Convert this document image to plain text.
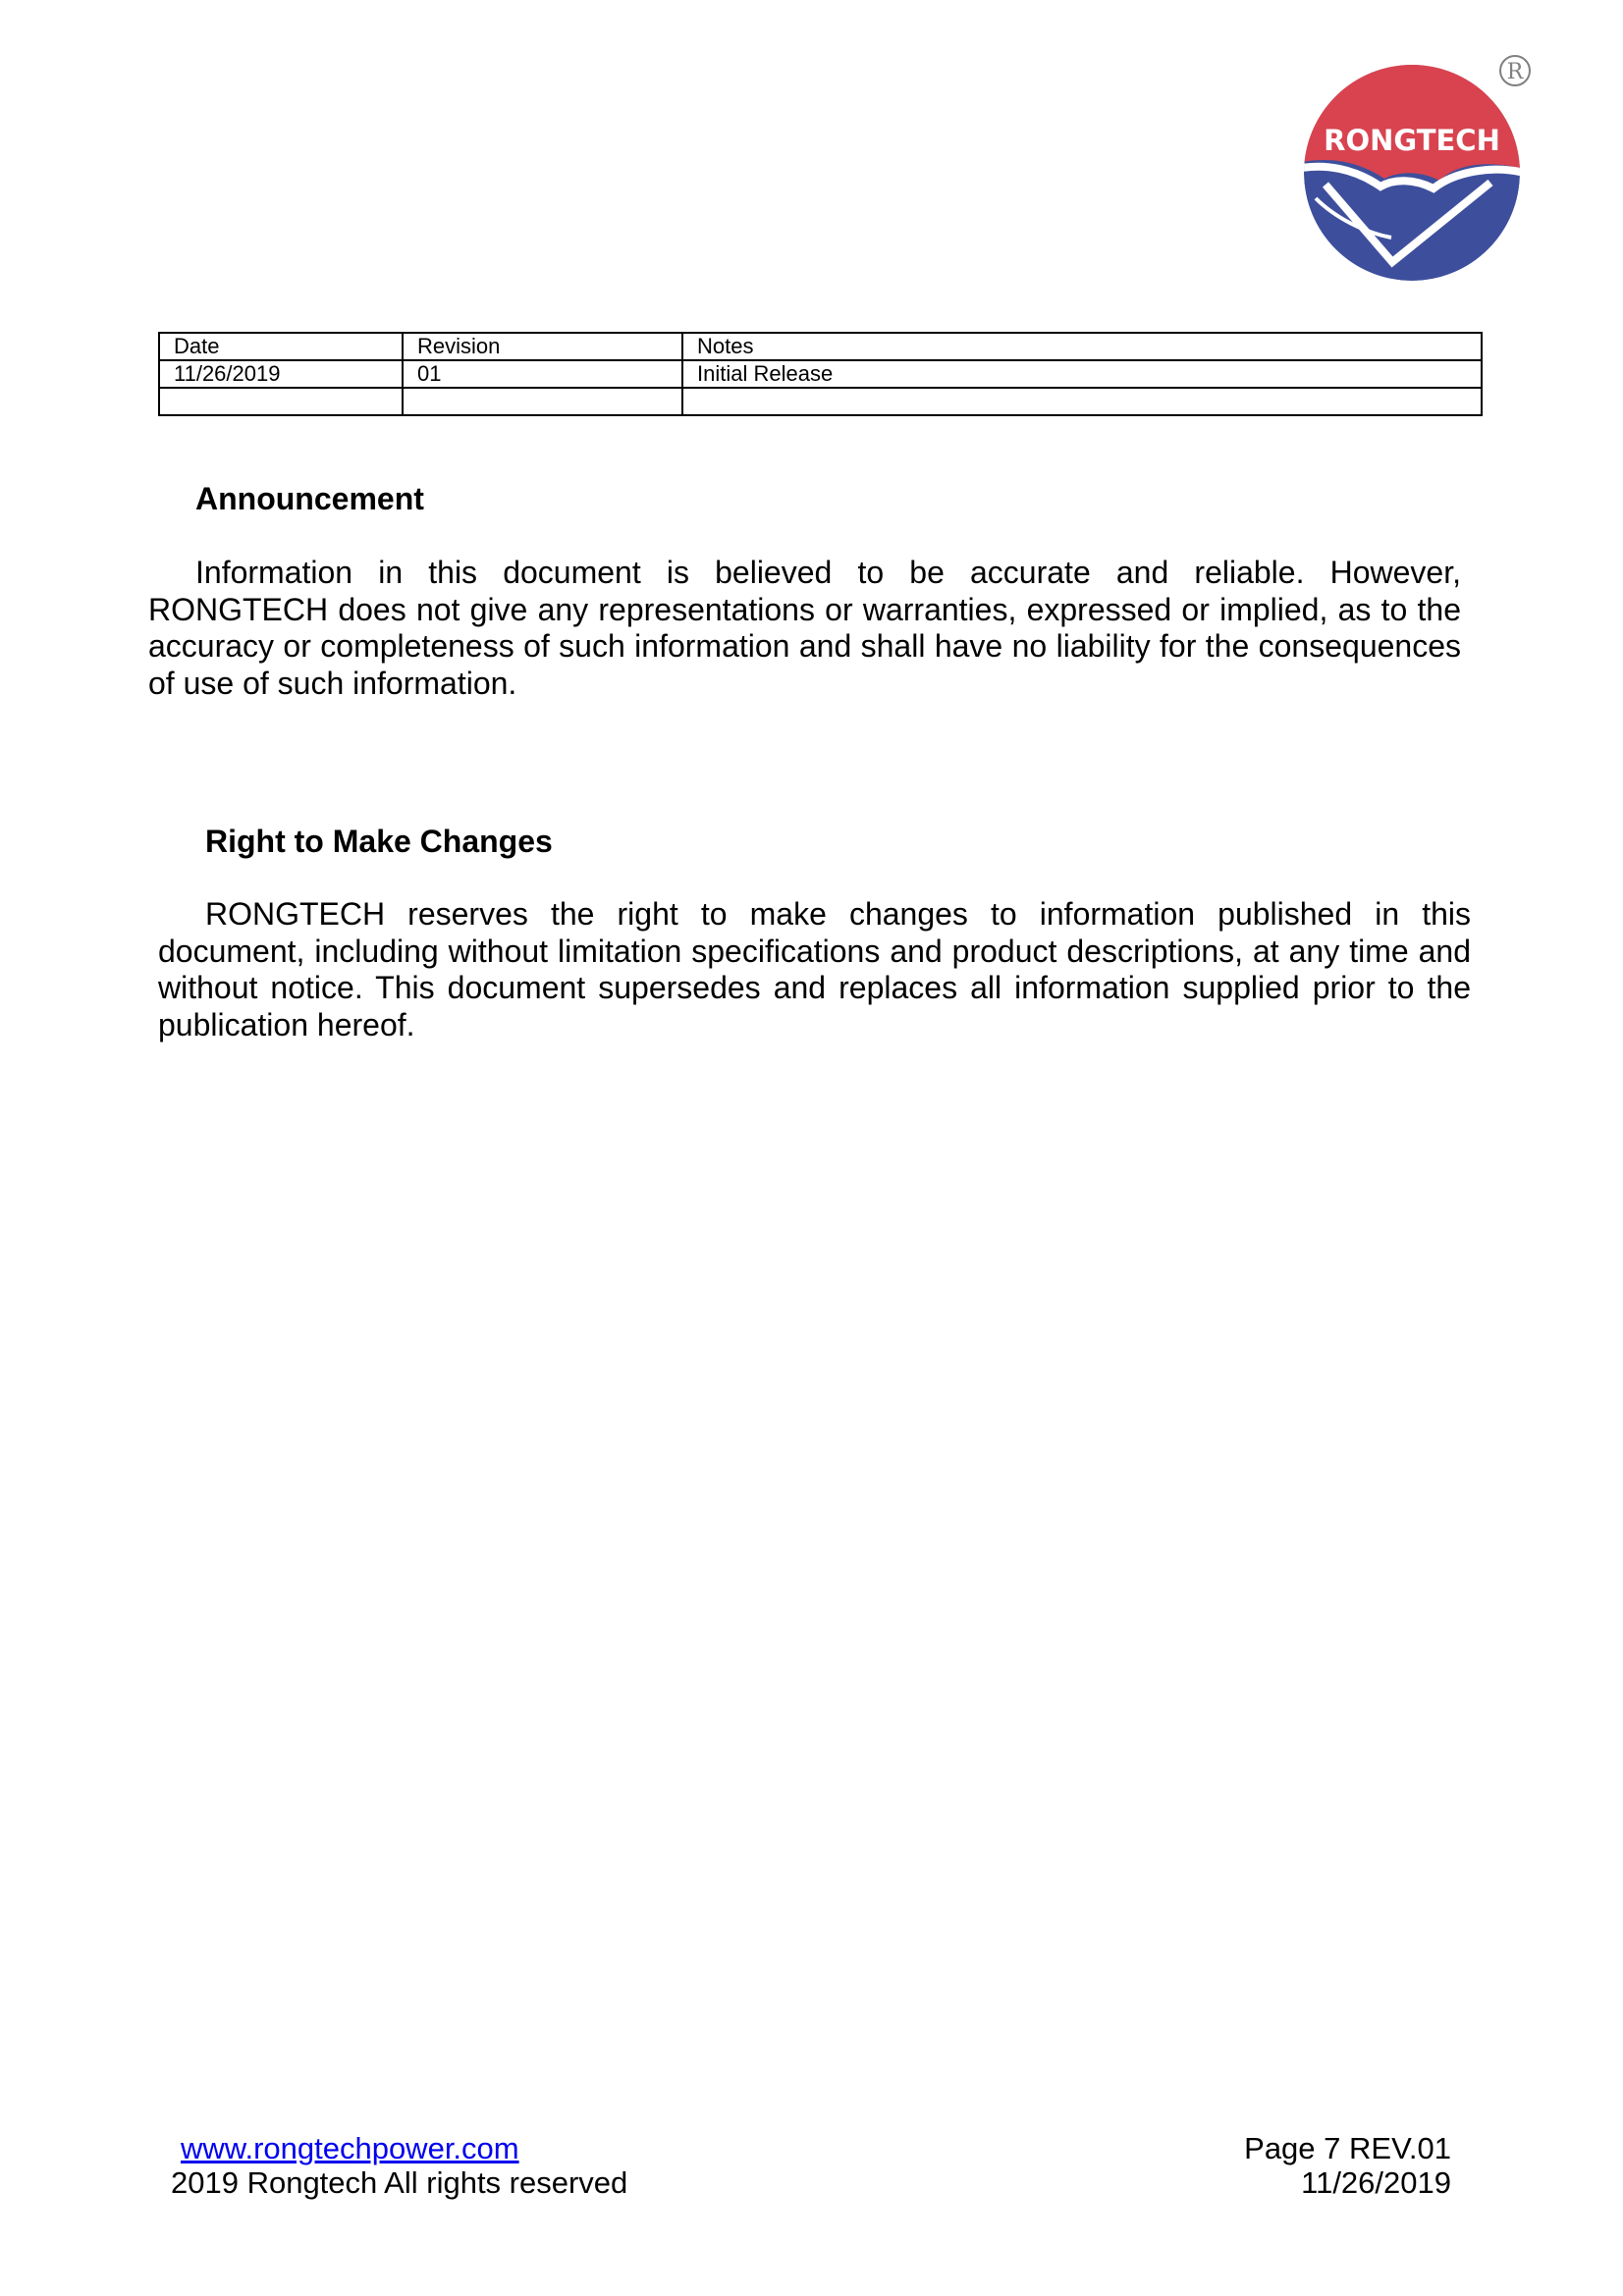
RONGTECH
R
Date	Revision	Notes
11/26/2019	01	Initial Release

Announcement

Information in this document is believed to be accurate and reliable. However, RONGTECH does not give any representations or warranties, expressed or implied, as to the accuracy or completeness of such information and shall have no liability for the consequences of use of such information.

Right to Make Changes

RONGTECH reserves the right to make changes to information published in this document, including without limitation specifications and product descriptions, at any time and without notice. This document supersedes and replaces all information supplied prior to the publication hereof.

www.rongtechpower.com
2019 Rongtech All rights reserved
Page 7 REV.01
11/26/2019
